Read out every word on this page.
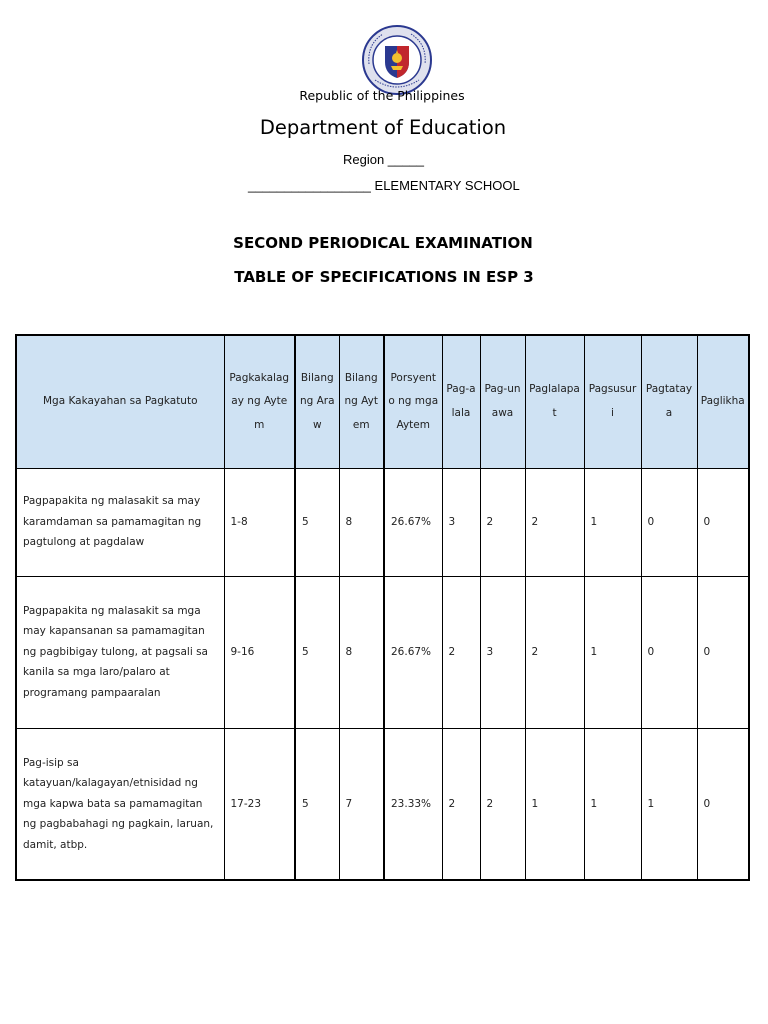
Republic of the Philippines
Department of Education
Region _____
_________________ ELEMENTARY SCHOOL
SECOND PERIODICAL EXAMINATION
TABLE OF SPECIFICATIONS IN ESP 3
Mga Kakayahan sa Pagkatuto	Pagkakalagay ng Aytem	Bilang ng Araw	Bilang ng Aytem	Porsyento ng mga Aytem	Pag-alala	Pag-unawa	Paglalapat	Pagsusuri	Pagtataya	Paglikha
Pagpapakita ng malasakit sa may karamdaman sa pamamagitan ng pagtulong at pagdalaw	1-8	5	8	26.67%	3	2	2	1	0	0
Pagpapakita ng malasakit sa mga may kapansanan sa pamamagitan ng pagbibigay tulong, at pagsali sa kanila sa mga laro/palaro at programang pampaaralan	9-16	5	8	26.67%	2	3	2	1	0	0
Pag-isip sa katayuan/kalagayan/etnisidad ng mga kapwa bata sa pamamagitan ng pagbabahagi ng pagkain, laruan, damit, atbp.	17-23	5	7	23.33%	2	2	1	1	1	0
